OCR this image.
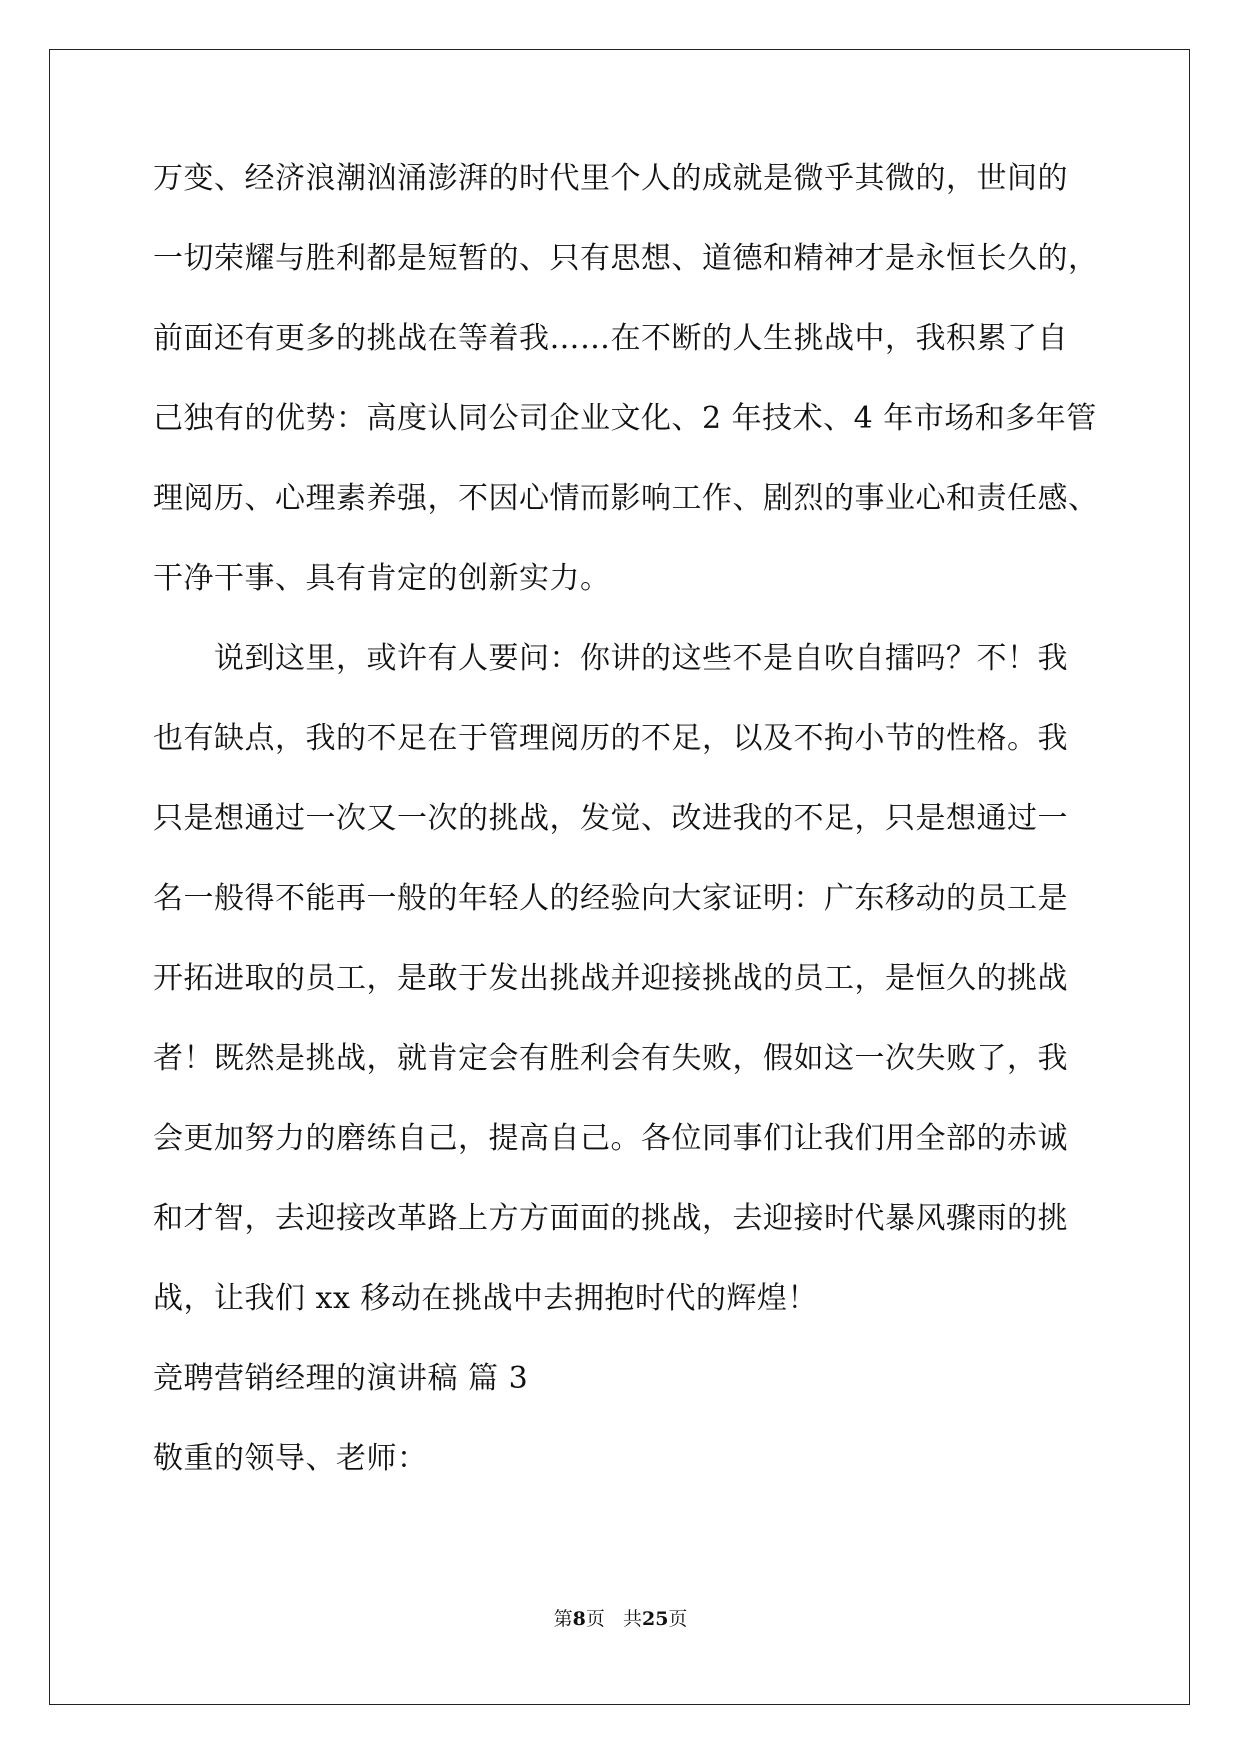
万变、经济浪潮汹涌澎湃的时代里个人的成就是微乎其微的，世间的
一切荣耀与胜利都是短暂的、只有思想、道德和精神才是永恒长久的，
前面还有更多的挑战在等着我……在不断的人生挑战中，我积累了自
己独有的优势：高度认同公司企业文化、2 年技术、4 年市场和多年管
理阅历、心理素养强，不因心情而影响工作、剧烈的事业心和责任感、
干净干事、具有肯定的创新实力。
　　说到这里，或许有人要问：你讲的这些不是自吹自擂吗？不！我
也有缺点，我的不足在于管理阅历的不足，以及不拘小节的性格。我
只是想通过一次又一次的挑战，发觉、改进我的不足，只是想通过一
名一般得不能再一般的年轻人的经验向大家证明：广东移动的员工是
开拓进取的员工，是敢于发出挑战并迎接挑战的员工，是恒久的挑战
者！既然是挑战，就肯定会有胜利会有失败，假如这一次失败了，我
会更加努力的磨练自己，提高自己。各位同事们让我们用全部的赤诚
和才智，去迎接改革路上方方面面的挑战，去迎接时代暴风骤雨的挑
战，让我们 xx 移动在挑战中去拥抱时代的辉煌！
竞聘营销经理的演讲稿 篇 3
敬重的领导、老师：
第8页 共25页
